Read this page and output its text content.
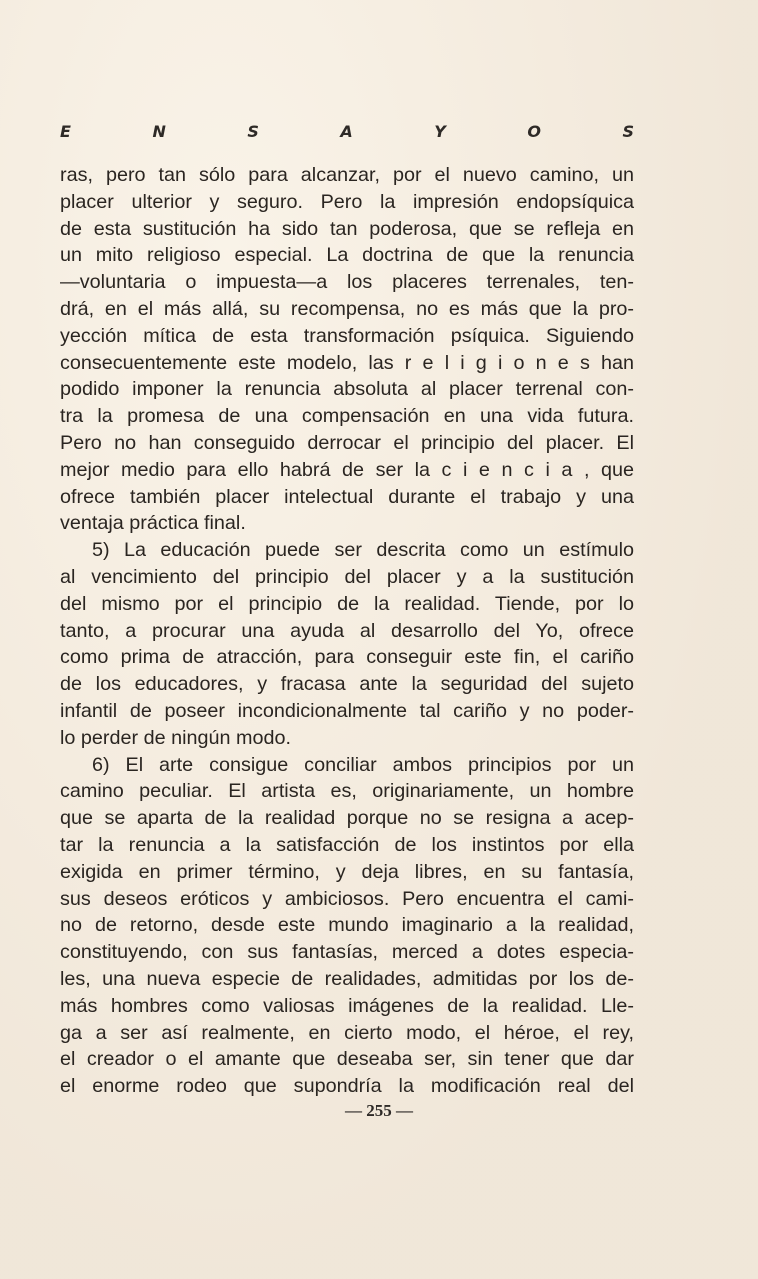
E	N	S	A	Y	O	S
ras, pero tan sólo para alcanzar, por el nuevo camino, un
placer ulterior y seguro. Pero la impresión endopsíquica
de esta sustitución ha sido tan poderosa, que se refleja en
un mito religioso especial. La doctrina de que la renuncia
—voluntaria o impuesta—a los placeres terrenales, ten-
drá, en el más allá, su recompensa, no es más que la pro-
yección mítica de esta transformación psíquica. Siguiendo
consecuentemente este modelo, las r e l i g i o n e s han
podido imponer la renuncia absoluta al placer terrenal con-
tra la promesa de una compensación en una vida futura.
Pero no han conseguido derrocar el principio del placer. El
mejor medio para ello habrá de ser la c i e n c i a , que
ofrece también placer intelectual durante el trabajo y una
ventaja práctica final.
5) La educación puede ser descrita como un estímulo
al vencimiento del principio del placer y a la sustitución
del mismo por el principio de la realidad. Tiende, por lo
tanto, a procurar una ayuda al desarrollo del Yo, ofrece
como prima de atracción, para conseguir este fin, el cariño
de los educadores, y fracasa ante la seguridad del sujeto
infantil de poseer incondicionalmente tal cariño y no poder-
lo perder de ningún modo.
6) El arte consigue conciliar ambos principios por un
camino peculiar. El artista es, originariamente, un hombre
que se aparta de la realidad porque no se resigna a acep-
tar la renuncia a la satisfacción de los instintos por ella
exigida en primer término, y deja libres, en su fantasía,
sus deseos eróticos y ambiciosos. Pero encuentra el cami-
no de retorno, desde este mundo imaginario a la realidad,
constituyendo, con sus fantasías, merced a dotes especia-
les, una nueva especie de realidades, admitidas por los de-
más hombres como valiosas imágenes de la realidad. Lle-
ga a ser así realmente, en cierto modo, el héroe, el rey,
el creador o el amante que deseaba ser, sin tener que dar
el enorme rodeo que supondría la modificación real del
— 255 —
